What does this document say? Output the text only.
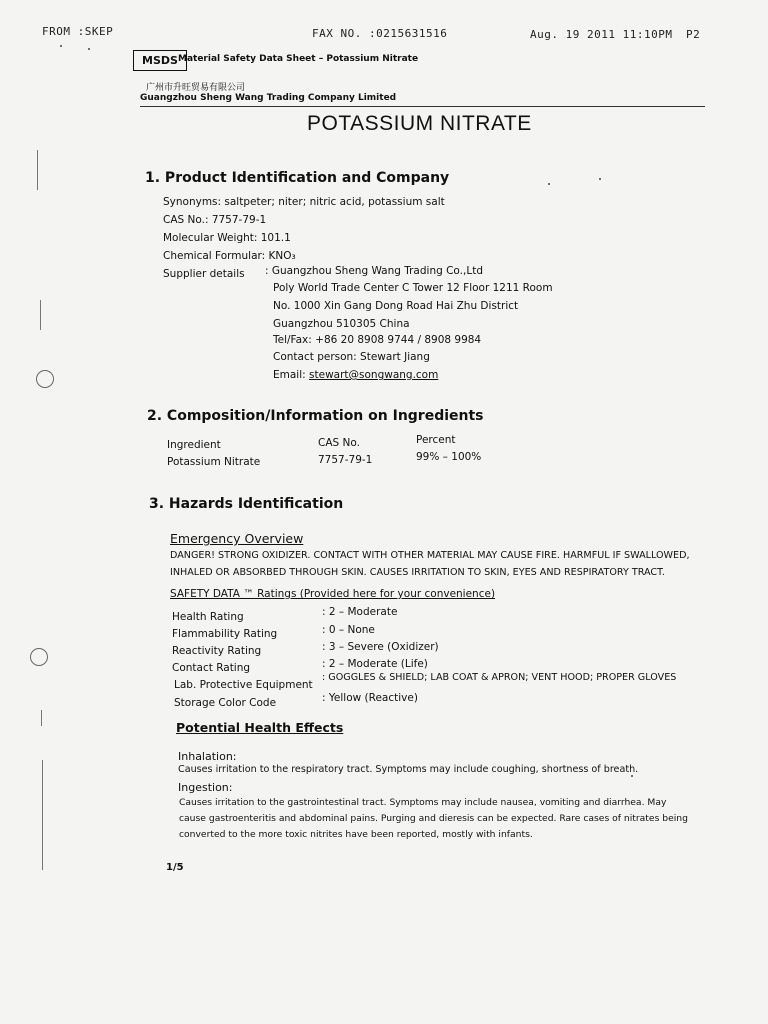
FROM :SKEP	FAX NO. :0215631516	Aug. 19 2011 11:10PM P2
MSDS Material Safety Data Sheet – Potassium Nitrate
广州市升旺贸易有限公司
Guangzhou Sheng Wang Trading Company Limited
POTASSIUM NITRATE
1. Product Identification and Company
Synonyms: saltpeter; niter; nitric acid, potassium salt
CAS No.: 7757-79-1
Molecular Weight: 101.1
Chemical Formular: KNO₃
Supplier details : Guangzhou Sheng Wang Trading Co.,Ltd
Poly World Trade Center C Tower 12 Floor 1211 Room
No. 1000 Xin Gang Dong Road Hai Zhu District
Guangzhou 510305 China
Tel/Fax: +86 20 8908 9744 / 8908 9984
Contact person: Stewart Jiang
Email: stewart@songwang.com
2. Composition/Information on Ingredients
Ingredient	CAS No.	Percent
Potassium Nitrate	7757-79-1	99% – 100%
3. Hazards Identification
Emergency Overview
DANGER! STRONG OXIDIZER. CONTACT WITH OTHER MATERIAL MAY CAUSE FIRE. HARMFUL IF SWALLOWED,
INHALED OR ABSORBED THROUGH SKIN. CAUSES IRRITATION TO SKIN, EYES AND RESPIRATORY TRACT.
SAFETY DATA ™ Ratings (Provided here for your convenience)
Health Rating	: 2 – Moderate
Flammability Rating	: 0 – None
Reactivity Rating	: 3 – Severe (Oxidizer)
Contact Rating	: 2 – Moderate (Life)
Lab. Protective Equipment
: GOGGLES & SHIELD; LAB COAT & APRON; VENT HOOD; PROPER GLOVES
Storage Color Code	: Yellow (Reactive)
Potential Health Effects
Inhalation:
Causes irritation to the respiratory tract. Symptoms may include coughing, shortness of breath.
Ingestion:
Causes irritation to the gastrointestinal tract. Symptoms may include nausea, vomiting and diarrhea. May
cause gastroenteritis and abdominal pains. Purging and dieresis can be expected. Rare cases of nitrates being
converted to the more toxic nitrites have been reported, mostly with infants.
1/5
